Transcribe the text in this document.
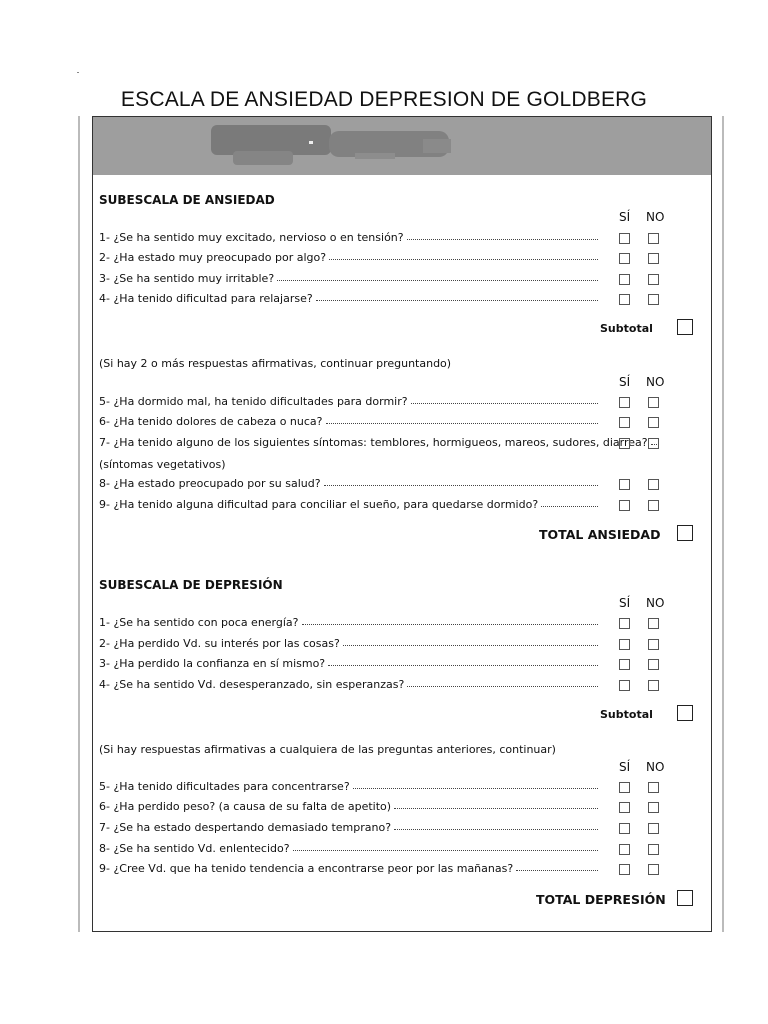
ESCALA DE ANSIEDAD DEPRESION DE GOLDBERG
SUBESCALA DE ANSIEDAD
SÍ NO
1- ¿Se ha sentido muy excitado, nervioso o en tensión?
2- ¿Ha estado muy preocupado por algo?
3- ¿Se ha sentido muy irritable?
4- ¿Ha tenido dificultad para relajarse?
Subtotal
(Si hay 2 o más respuestas afirmativas, continuar preguntando)
SÍ NO
5- ¿Ha dormido mal, ha tenido dificultades para dormir?
6- ¿Ha tenido dolores de cabeza o nuca?
7- ¿Ha tenido alguno de los siguientes síntomas: temblores, hormigueos, mareos, sudores, diarrea?
8- ¿Ha estado preocupado por su salud?
9- ¿Ha tenido alguna dificultad para conciliar el sueño, para quedarse dormido?
(síntomas vegetativos)
TOTAL ANSIEDAD
SUBESCALA DE DEPRESIÓN
SÍ NO
1- ¿Se ha sentido con poca energía?
2- ¿Ha perdido Vd. su interés por las cosas?
3- ¿Ha perdido la confianza en sí mismo?
4- ¿Se ha sentido Vd. desesperanzado, sin esperanzas?
Subtotal
(Si hay respuestas afirmativas a cualquiera de las preguntas anteriores, continuar)
SÍ NO
5- ¿Ha tenido dificultades para concentrarse?
6- ¿Ha perdido peso? (a causa de su falta de apetito)
7- ¿Se ha estado despertando demasiado temprano?
8- ¿Se ha sentido Vd. enlentecido?
9- ¿Cree Vd. que ha tenido tendencia a encontrarse peor por las mañanas?
TOTAL DEPRESIÓN
